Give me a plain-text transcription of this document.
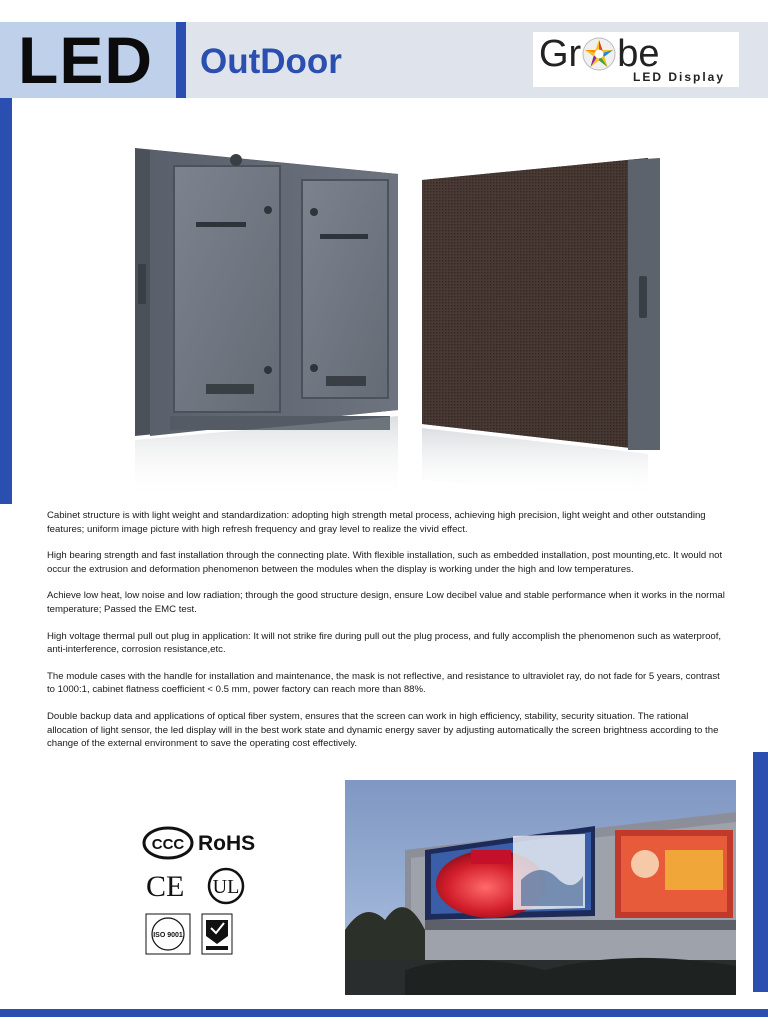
LED OutDoor	Gr be
LED Display

Cabinet structure is with light weight and standardization: adopting high strength metal process, achieving high precision, light weight and other outstanding features; uniform image picture with high refresh frequency and gray level to realize the vivid effect.

High bearing strength and fast installation through the connecting plate. With flexible installation, such as embedded installation, post mounting,etc. It would not occur the extrusion and deformation phenomenon between the modules when the display is working under the high and low temperatures.

Achieve low heat, low noise and low radiation; through the good structure design, ensure Low decibel value and stable performance when it works in the normal temperature; Passed the EMC test.

High voltage thermal pull out plug in application: It will not strike fire during pull out the plug process, and fully accomplish the phenomenon such as waterproof, anti-interference, corrosion resistance,etc.

The module cases with the handle for installation and maintenance, the mask is not reflective, and resistance to ultraviolet ray, do not fade for 5 years, contrast to 1000:1, cabinet flatness coefficient < 0.5 mm, power factory can reach more than 88%.

Double backup data and applications of optical fiber system, ensures that the screen can work in high efficiency, stability, security situation. The rational allocation of light sensor, the led display will in the best work state and dynamic energy saver by adjusting automatically the screen brightness according to the change of the external environment to save the operating cost effectively.

CCC RoHS
CE UL
ISO 9001
